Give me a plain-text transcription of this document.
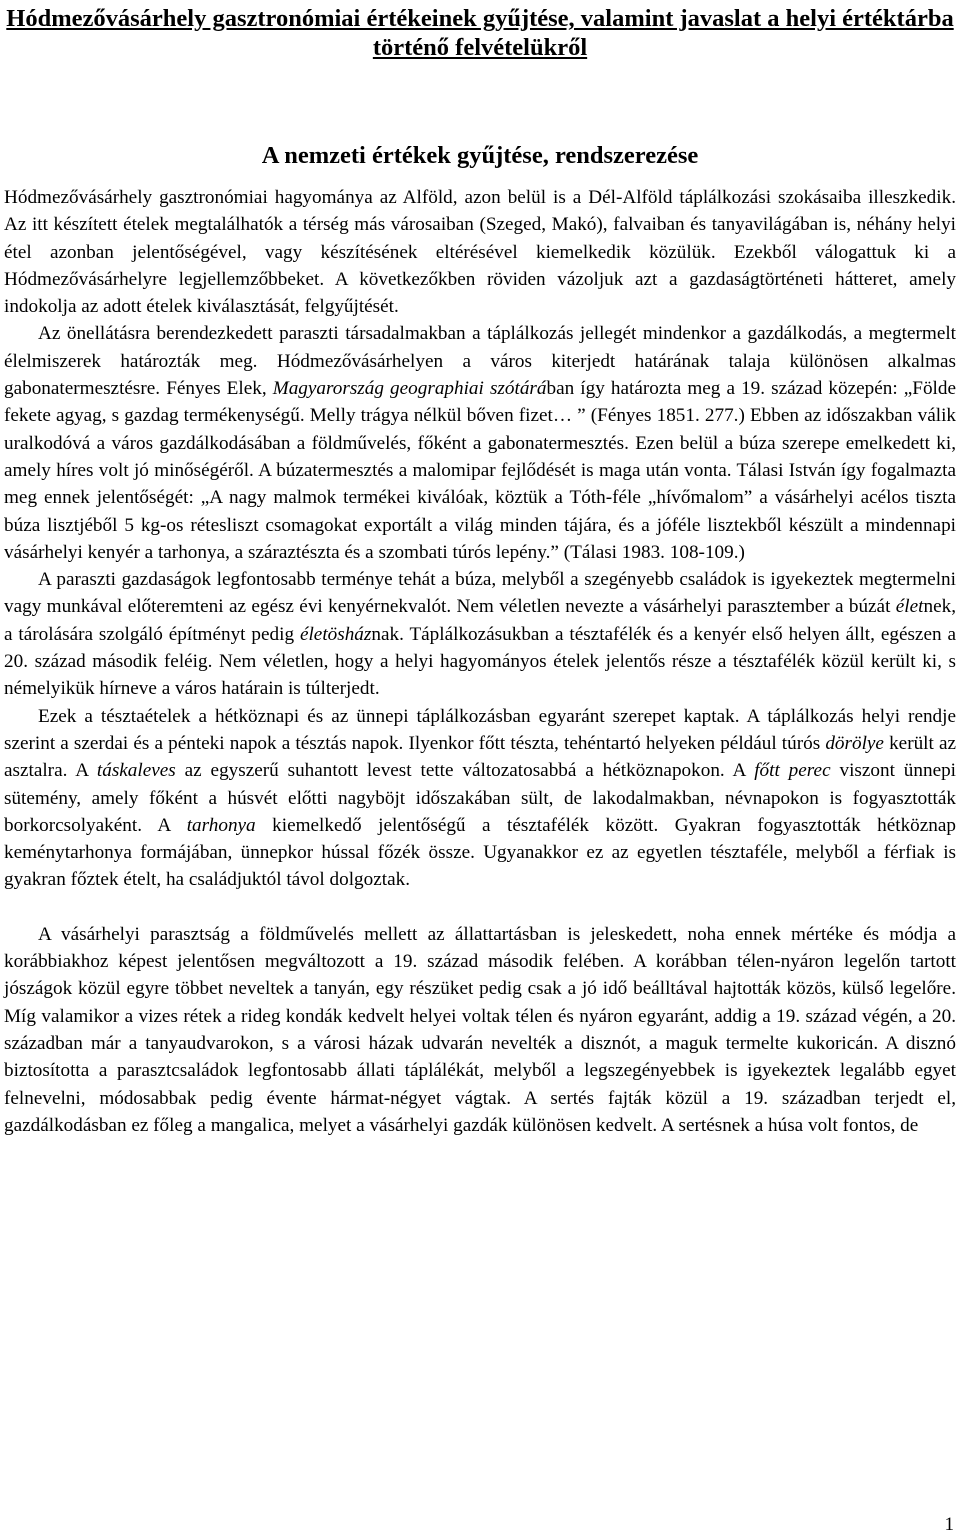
Hódmezővásárhely gasztronómiai értékeinek gyűjtése, valamint javaslat a helyi értéktárba történő felvételükről
A nemzeti értékek gyűjtése, rendszerezése

Hódmezővásárhely gasztronómiai hagyománya az Alföld, azon belül is a Dél-Alföld táplálkozási szokásaiba illeszkedik. Az itt készített ételek megtalálhatók a térség más városaiban (Szeged, Makó), falvaiban és tanyavilágában is, néhány helyi étel azonban jelentőségével, vagy készítésének eltérésével kiemelkedik közülük. Ezekből válogattuk ki a Hódmezővásárhelyre legjellemzőbbeket. A következőkben röviden vázoljuk azt a gazdaságtörténeti hátteret, amely indokolja az adott ételek kiválasztását, felgyűjtését.

Az önellátásra berendezkedett paraszti társadalmakban a táplálkozás jellegét mindenkor a gazdálkodás, a megtermelt élelmiszerek határozták meg. Hódmezővásárhelyen a város kiterjedt határának talaja különösen alkalmas gabonatermesztésre. Fényes Elek, Magyarország geographiai szótárában így határozta meg a 19. század közepén: „Földe fekete agyag, s gazdag termékenységű. Melly trágya nélkül bőven fizet… ” (Fényes 1851. 277.) Ebben az időszakban válik uralkodóvá a város gazdálkodásában a földművelés, főként a gabonatermesztés. Ezen belül a búza szerepe emelkedett ki, amely híres volt jó minőségéről. A búzatermesztés a malomipar fejlődését is maga után vonta. Tálasi István így fogalmazta meg ennek jelentőségét: „A nagy malmok termékei kiválóak, köztük a Tóth-féle „hívőmalom” a vásárhelyi acélos tiszta búza lisztjéből 5 kg-os rétesliszt csomagokat exportált a világ minden tájára, és a jóféle lisztekből készült a mindennapi vásárhelyi kenyér a tarhonya, a száraztészta és a szombati túrós lepény.” (Tálasi 1983. 108-109.)

A paraszti gazdaságok legfontosabb terménye tehát a búza, melyből a szegényebb családok is igyekeztek megtermelni vagy munkával előteremteni az egész évi kenyérnekvalót. Nem véletlen nevezte a vásárhelyi parasztember a búzát életnek, a tárolására szolgáló építményt pedig életösháznak. Táplálkozásukban a tésztafélék és a kenyér első helyen állt, egészen a 20. század második feléig. Nem véletlen, hogy a helyi hagyományos ételek jelentős része a tésztafélék közül került ki, s némelyikük hírneve a város határain is túlterjedt.

Ezek a tésztaételek a hétköznapi és az ünnepi táplálkozásban egyaránt szerepet kaptak. A táplálkozás helyi rendje szerint a szerdai és a pénteki napok a tésztás napok. Ilyenkor főtt tészta, tehéntartó helyeken például túrós dörölye került az asztalra. A táskaleves az egyszerű suhantott levest tette változatosabbá a hétköznapokon. A főtt perec viszont ünnepi sütemény, amely főként a húsvét előtti nagyböjt időszakában sült, de lakodalmakban, névnapokon is fogyasztották borkorcsolyaként. A tarhonya kiemelkedő jelentőségű a tésztafélék között. Gyakran fogyasztották hétköznap keménytarhonya formájában, ünnepkor hússal főzék össze. Ugyanakkor ez az egyetlen tésztaféle, melyből a férfiak is gyakran főztek ételt, ha családjuktól távol dolgoztak.

A vásárhelyi parasztság a földművelés mellett az állattartásban is jeleskedett, noha ennek mértéke és módja a korábbiakhoz képest jelentősen megváltozott a 19. század második felében. A korábban télen-nyáron legelőn tartott jószágok közül egyre többet neveltek a tanyán, egy részüket pedig csak a jó idő beálltával hajtották közös, külső legelőre. Míg valamikor a vizes rétek a rideg kondák kedvelt helyei voltak télen és nyáron egyaránt, addig a 19. század végén, a 20. században már a tanyaudvarokon, s a városi házak udvarán nevelték a disznót, a maguk termelte kukoricán. A disznó biztosította a parasztcsaládok legfontosabb állati táplálékát, melyből a legszegényebbek is igyekeztek legalább egyet felnevelni, módosabbak pedig évente hármat-négyet vágtak. A sertés fajták közül a 19. században terjedt el, gazdálkodásban ez főleg a mangalica, melyet a vásárhelyi gazdák különösen kedvelt. A sertésnek a húsa volt fontos, de

1
